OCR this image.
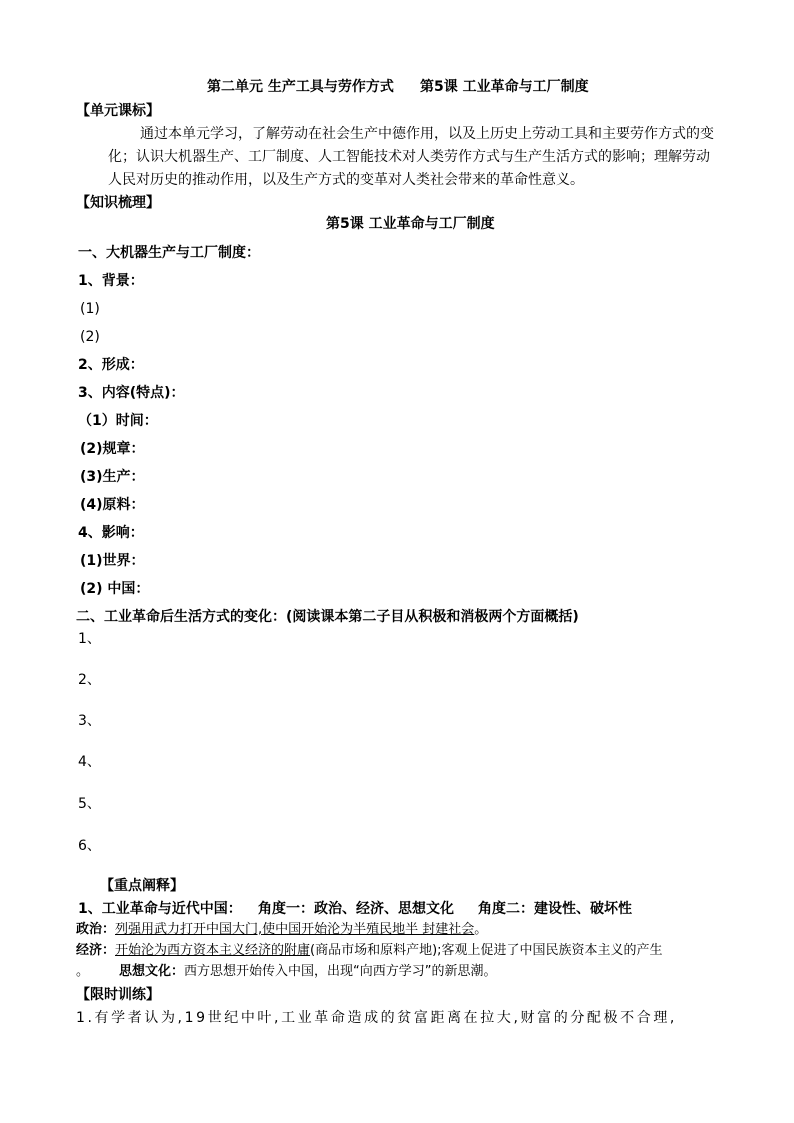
第二单元 生产工具与劳作方式 第5课 工业革命与工厂制度
【单元课标】
通过本单元学习，了解劳动在社会生产中德作用，以及上历史上劳动工具和主要劳作方式的变
化；认识大机器生产、工厂制度、人工智能技术对人类劳作方式与生产生活方式的影响；理解劳动
人民对历史的推动作用，以及生产方式的变革对人类社会带来的革命性意义。
【知识梳理】
第5课 工业革命与工厂制度
一、大机器生产与工厂制度：
1、背景：
(1)
(2)
2、形成：
3、内容(特点)：
（1）时间：
(2)规章：
(3)生产：
(4)原料：
4、影响：
(1)世界：
(2) 中国：
二、工业革命后生活方式的变化：(阅读课本第二子目从积极和消极两个方面概括)
1、
2、
3、
4、
5、
6、
【重点阐释】
1、工业革命与近代中国： 角度一：政治、经济、思想文化 角度二：建设性、破坏性
政治：列强用武力打开中国大门,使中国开始沦为半殖民地半 封建社会。
经济：开始沦为西方资本主义经济的附庸(商品市场和原料产地);客观上促进了中国民族资本主义的产生
。 思想文化：西方思想开始传入中国，出现“向西方学习”的新思潮。
【限时训练】
1.有学者认为,19世纪中叶,工业革命造成的贫富距离在拉大,财富的分配极不合理,
